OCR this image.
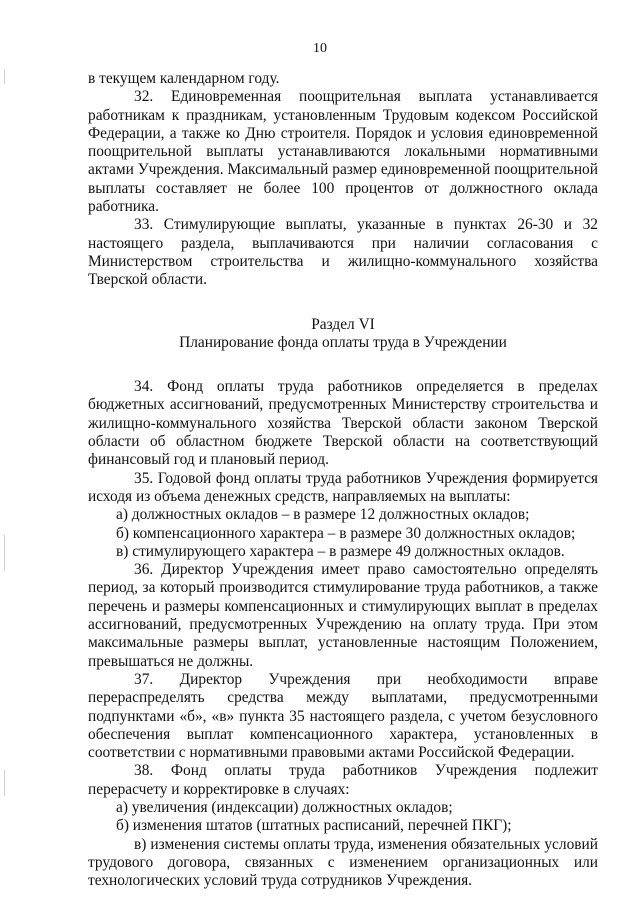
10

в текущем календарном году.

32. Единовременная поощрительная выплата устанавливается работникам к праздникам, установленным Трудовым кодексом Российской Федерации, а также ко Дню строителя. Порядок и условия единовременной поощрительной выплаты устанавливаются локальными нормативными актами Учреждения. Максимальный размер единовременной поощрительной выплаты составляет не более 100 процентов от должностного оклада работника.

33. Стимулирующие выплаты, указанные в пунктах 26-30 и 32 настоящего раздела, выплачиваются при наличии согласования с Министерством строительства и жилищно-коммунального хозяйства Тверской области.

Раздел VI

Планирование фонда оплаты труда в Учреждении

34. Фонд оплаты труда работников определяется в пределах бюджетных ассигнований, предусмотренных Министерству строительства и жилищно-коммунального хозяйства Тверской области законом Тверской области об областном бюджете Тверской области на соответствующий финансовый год и плановый период.

35. Годовой фонд оплаты труда работников Учреждения формируется исходя из объема денежных средств, направляемых на выплаты:

а) должностных окладов – в размере 12 должностных окладов;

б) компенсационного характера – в размере 30 должностных окладов;

в) стимулирующего характера – в размере 49 должностных окладов.

36. Директор Учреждения имеет право самостоятельно определять период, за который производится стимулирование труда работников, а также перечень и размеры компенсационных и стимулирующих выплат в пределах ассигнований, предусмотренных Учреждению на оплату труда. При этом максимальные размеры выплат, установленные настоящим Положением, превышаться не должны.

37. Директор Учреждения при необходимости вправе перераспределять средства между выплатами, предусмотренными подпунктами «б», «в» пункта 35 настоящего раздела, с учетом безусловного обеспечения выплат компенсационного характера, установленных в соответствии с нормативными правовыми актами Российской Федерации.

38. Фонд оплаты труда работников Учреждения подлежит перерасчету и корректировке в случаях:

а) увеличения (индексации) должностных окладов;

б) изменения штатов (штатных расписаний, перечней ПКГ);

в) изменения системы оплаты труда, изменения обязательных условий трудового договора, связанных с изменением организационных или технологических условий труда сотрудников Учреждения.
